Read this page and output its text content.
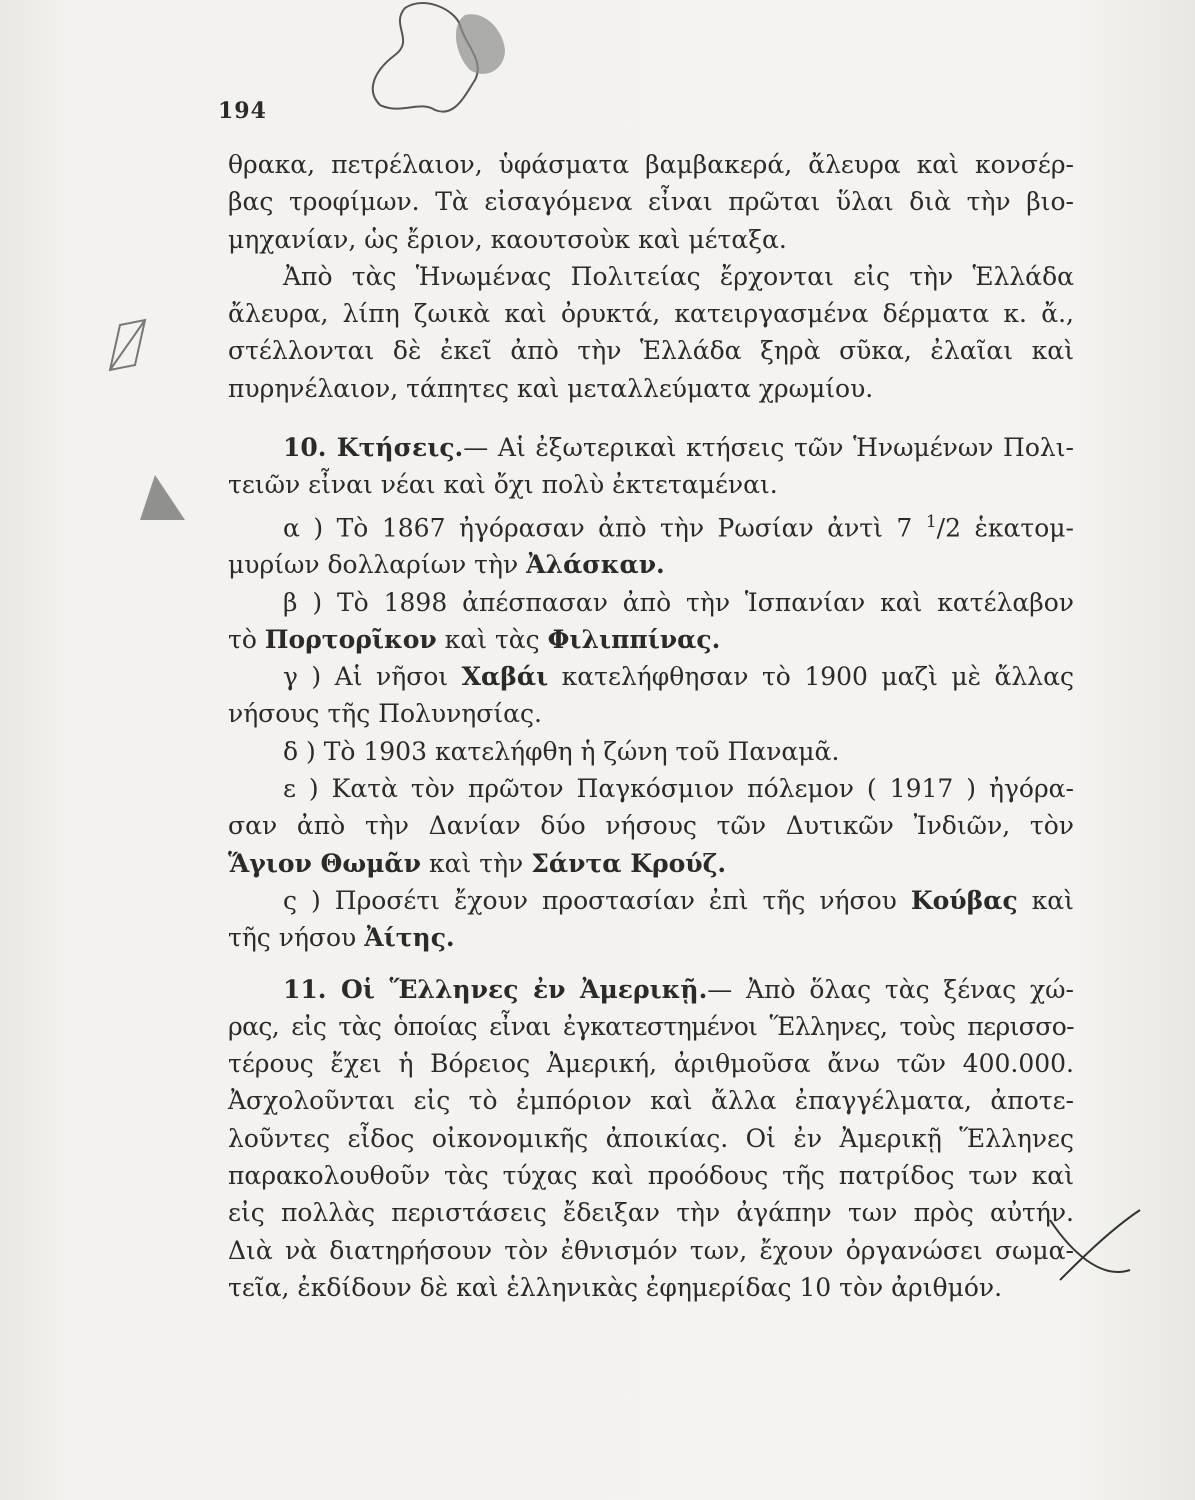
194
θρακα, πετρέλαιον, ὑφάσματα βαμβακερά, ἄλευρα καὶ κονσέρ-
βας τροφίμων. Τὰ εἰσαγόμενα εἶναι πρῶται ὕλαι διὰ τὴν βιο-
μηχανίαν, ὡς ἔριον, καουτσοὺκ καὶ μέταξα.
Ἀπὸ τὰς Ἡνωμένας Πολιτείας ἔρχονται εἰς τὴν Ἑλλάδα
ἄλευρα, λίπη ζωικὰ καὶ ὀρυκτά, κατειργασμένα δέρματα κ. ἄ.,
στέλλονται δὲ ἐκεῖ ἀπὸ τὴν Ἑλλάδα ξηρὰ σῦκα, ἐλαῖαι καὶ
πυρηνέλαιον, τάπητες καὶ μεταλλεύματα χρωμίου.
10. Κτήσεις.— Αἱ ἐξωτερικαὶ κτήσεις τῶν Ἡνωμένων Πολι-
τειῶν εἶναι νέαι καὶ ὄχι πολὺ ἐκτεταμέναι.
α ) Τὸ 1867 ἠγόρασαν ἀπὸ τὴν Ρωσίαν ἀντὶ 7 $^1$/2 ἑκατομ-
μυρίων δολλαρίων τὴν Ἀλάσκαν.
β ) Τὸ 1898 ἀπέσπασαν ἀπὸ τὴν Ἱσπανίαν καὶ κατέλαβον
τὸ Πορτορῖκον καὶ τὰς Φιλιππίνας.
γ ) Αἱ νῆσοι Χαβάι κατελήφθησαν τὸ 1900 μαζὶ μὲ ἄλλας
νήσους τῆς Πολυνησίας.
δ ) Τὸ 1903 κατελήφθη ἡ ζώνη τοῦ Παναμᾶ.
ε ) Κατὰ τὸν πρῶτον Παγκόσμιον πόλεμον ( 1917 ) ἠγόρα-
σαν ἀπὸ τὴν Δανίαν δύο νήσους τῶν Δυτικῶν Ἰνδιῶν, τὸν
Ἅγιον Θωμᾶν καὶ τὴν Σάντα Κρούζ.
ς ) Προσέτι ἔχουν προστασίαν ἐπὶ τῆς νήσου Κούβας καὶ
τῆς νήσου Ἀίτης.
11. Οἱ Ἕλληνες ἐν Ἀμερικῇ.— Ἀπὸ ὅλας τὰς ξένας χώ-
ρας, εἰς τὰς ὁποίας εἶναι ἐγκατεστημένοι Ἕλληνες, τοὺς περισσο-
τέρους ἔχει ἡ Βόρειος Ἀμερική, ἀριθμοῦσα ἄνω τῶν 400.000.
Ἀσχολοῦνται εἰς τὸ ἐμπόριον καὶ ἄλλα ἐπαγγέλματα, ἀποτε-
λοῦντες εἶδος οἰκονομικῆς ἀποικίας. Οἱ ἐν Ἀμερικῇ Ἕλληνες
παρακολουθοῦν τὰς τύχας καὶ προόδους τῆς πατρίδος των καὶ
εἰς πολλὰς περιστάσεις ἔδειξαν τὴν ἀγάπην των πρὸς αὐτήν.
Διὰ νὰ διατηρήσουν τὸν ἐθνισμόν των, ἔχουν ὀργανώσει σωμα-
τεῖα, ἐκδίδουν δὲ καὶ ἑλληνικὰς ἐφημερίδας 10 τὸν ἀριθμόν.
